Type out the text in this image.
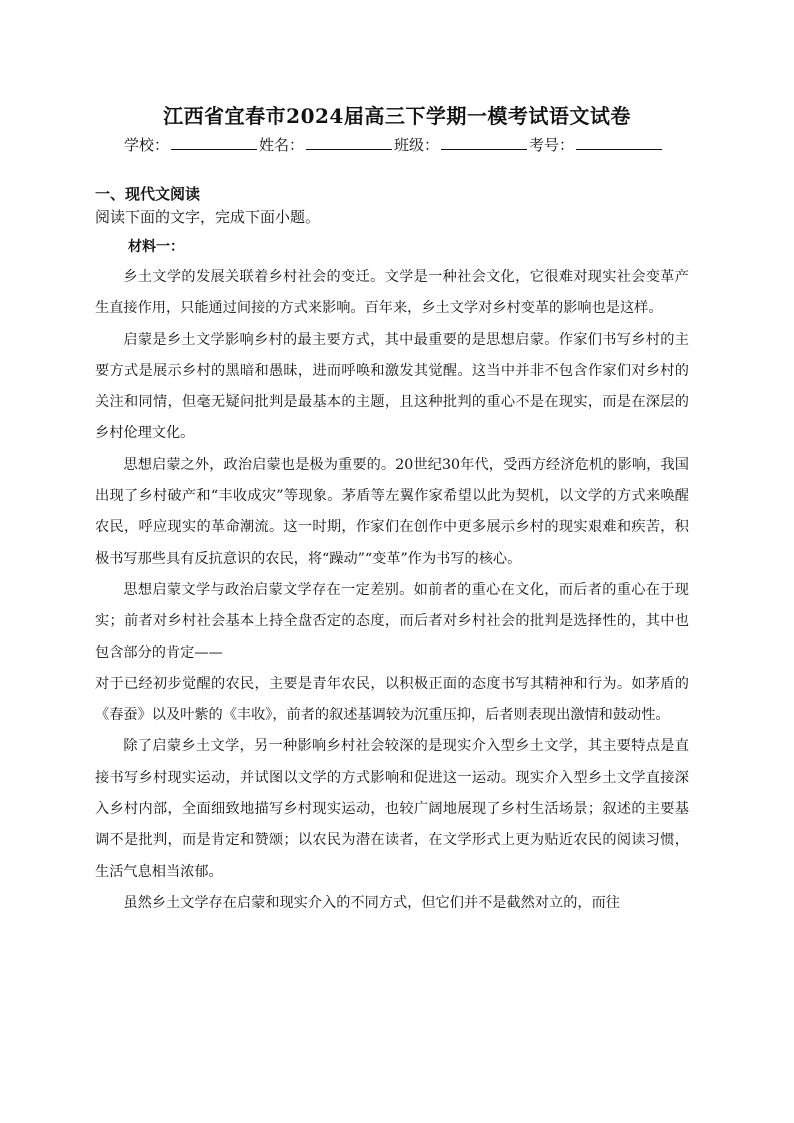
江西省宜春市2024届高三下学期一模考试语文试卷
学校：	姓名：	班级：	考号：
一、现代文阅读
阅读下面的文字，完成下面小题。
材料一：

乡土文学的发展关联着乡村社会的变迁。文学是一种社会文化，它很难对现实社会变革产生直接作用，只能通过间接的方式来影响。百年来，乡土文学对乡村变革的影响也是这样。

启蒙是乡土文学影响乡村的最主要方式，其中最重要的是思想启蒙。作家们书写乡村的主要方式是展示乡村的黑暗和愚昧，进而呼唤和激发其觉醒。这当中并非不包含作家们对乡村的关注和同情，但毫无疑问批判是最基本的主题，且这种批判的重心不是在现实，而是在深层的乡村伦理文化。

思想启蒙之外，政治启蒙也是极为重要的。20世纪30年代，受西方经济危机的影响，我国出现了乡村破产和“丰收成灾”等现象。茅盾等左翼作家希望以此为契机，以文学的方式来唤醒农民，呼应现实的革命潮流。这一时期，作家们在创作中更多展示乡村的现实艰难和疾苦，积极书写那些具有反抗意识的农民，将“躁动”“变革”作为书写的核心。

思想启蒙文学与政治启蒙文学存在一定差别。如前者的重心在文化，而后者的重心在于现实；前者对乡村社会基本上持全盘否定的态度，而后者对乡村社会的批判是选择性的，其中也包含部分的肯定——

对于已经初步觉醒的农民，主要是青年农民，以积极正面的态度书写其精神和行为。如茅盾的《春蚕》以及叶紫的《丰收》，前者的叙述基调较为沉重压抑，后者则表现出激情和鼓动性。

除了启蒙乡土文学，另一种影响乡村社会较深的是现实介入型乡土文学，其主要特点是直接书写乡村现实运动，并试图以文学的方式影响和促进这一运动。现实介入型乡土文学直接深入乡村内部，全面细致地描写乡村现实运动，也较广阔地展现了乡村生活场景；叙述的主要基调不是批判，而是肯定和赞颂；以农民为潜在读者，在文学形式上更为贴近农民的阅读习惯，生活气息相当浓郁。

虽然乡土文学存在启蒙和现实介入的不同方式，但它们并不是截然对立的，而往
